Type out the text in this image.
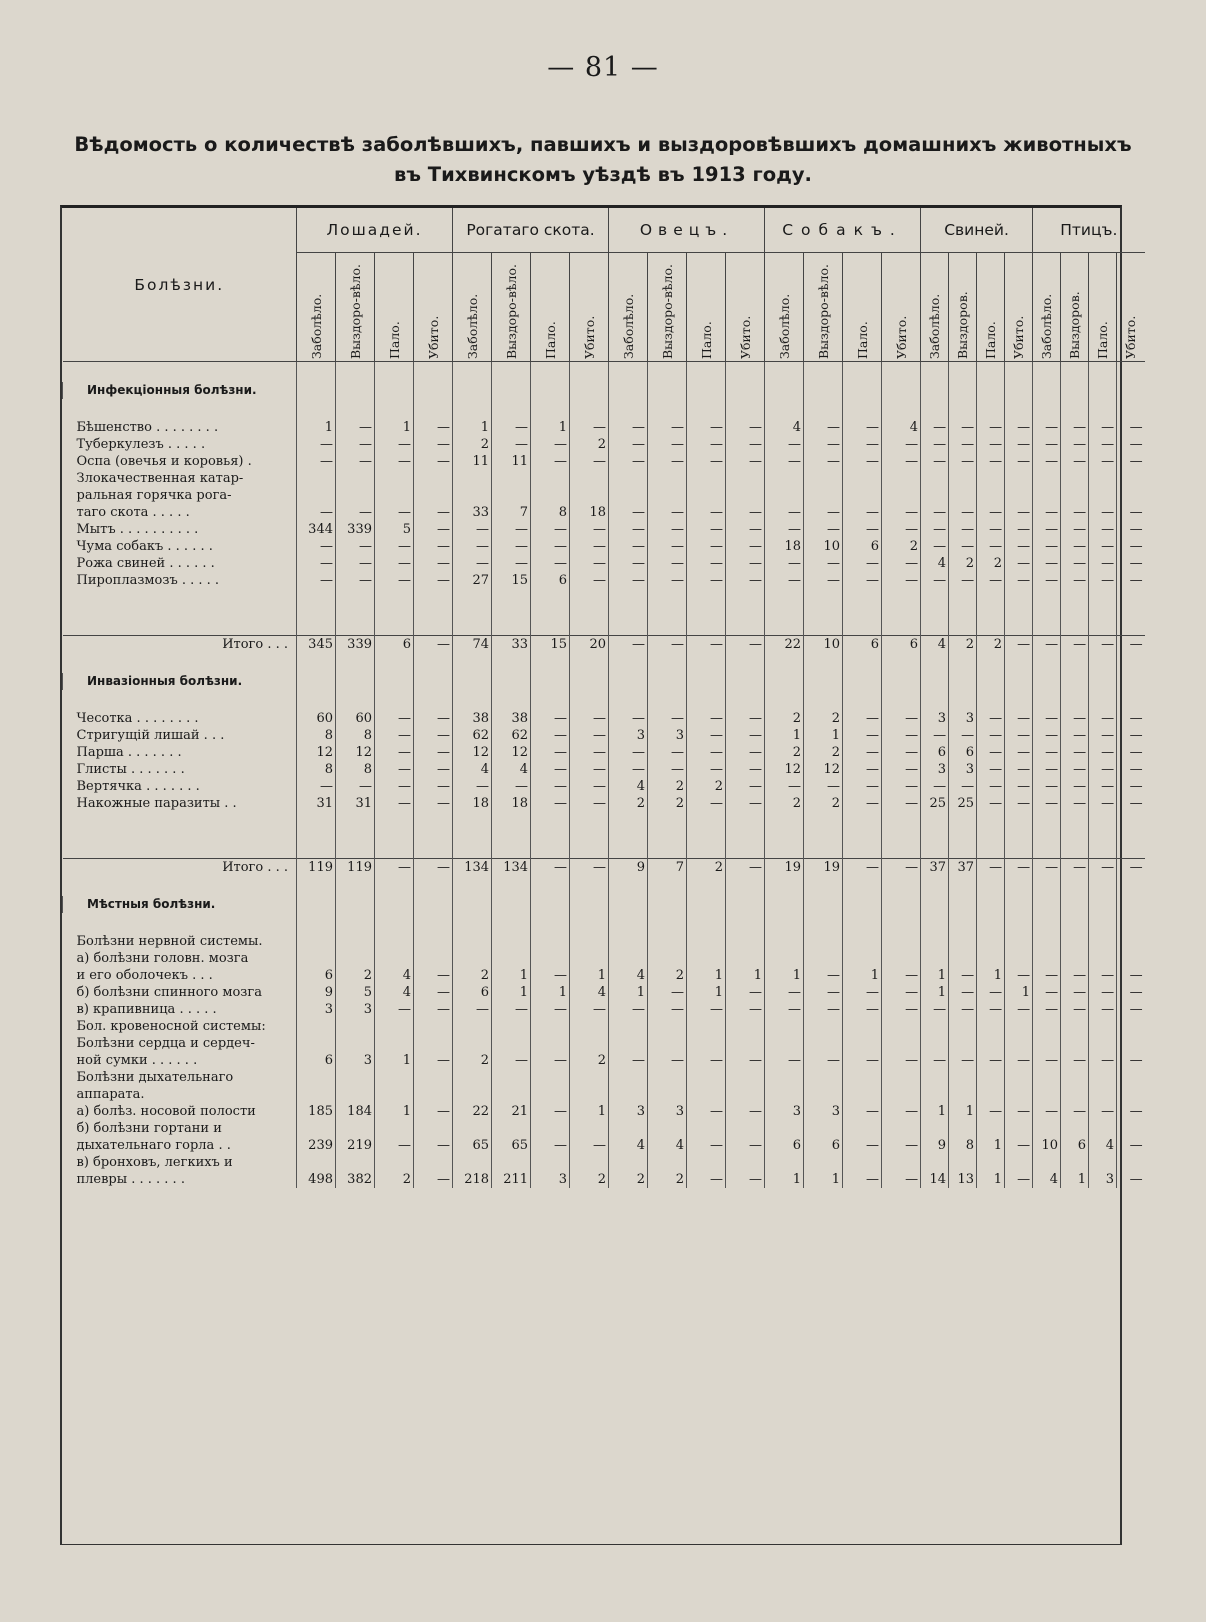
— 81 —
Вѣдомость о количествѣ заболѣвшихъ, павшихъ и выздоровѣвшихъ домашнихъ животныхъ
въ Тихвинскомъ уѣздѣ въ 1913 году.
Болѣзни.	Лошадей.				Рогатаго скота.				Овецъ.				Собакъ.				Свиней.				Птицъ.			

	Заболѣло.	Выздоро-вѣло.	Пало.	Убито.	Заболѣло.	Выздоро-вѣло.	Пало.	Убито.	Заболѣло.	Выздоро-вѣло.	Пало.	Убито.	Заболѣло.	Выздоро-вѣло.	Пало.	Убито.	Заболѣло.	Выздоров.	Пало.	Убито.	Заболѣло.	Выздоров.	Пало.	Убито.

Инфекціонныя болѣзни.																								

Бѣшенство . . . . . . . .	1	—	1	—	1	—	1	—	—	—	—	—	4	—	—	4	—	—	—	—	—	—	—	—
Туберкулезъ . . . . .	—	—	—	—	2	—	—	2	—	—	—	—	—	—	—	—	—	—	—	—	—	—	—	—
Оспа (овечья и коровья) .	—	—	—	—	11	11	—	—	—	—	—	—	—	—	—	—	—	—	—	—	—	—	—	—
Злокачественная катар-																								
ральная горячка рога-																								
таго скота . . . . .	—	—	—	—	33	7	8	18	—	—	—	—	—	—	—	—	—	—	—	—	—	—	—	—
Мытъ . . . . . . . . . .	344	339	5	—	—	—	—	—	—	—	—	—	—	—	—	—	—	—	—	—	—	—	—	—
Чума собакъ . . . . . .	—	—	—	—	—	—	—	—	—	—	—	—	18	10	6	2	—	—	—	—	—	—	—	—
Рожа свиней . . . . . .	—	—	—	—	—	—	—	—	—	—	—	—	—	—	—	—	4	2	2	—	—	—	—	—
Пироплазмозъ . . . . .	—	—	—	—	27	15	6	—	—	—	—	—	—	—	—	—	—	—	—	—	—	—	—	—

Итого . . .	345	339	6	—	74	33	15	20	—	—	—	—	22	10	6	6	4	2	2	—	—	—	—	—

Инвазіонныя болѣзни.																								

Чесотка . . . . . . . .	60	60	—	—	38	38	—	—	—	—	—	—	2	2	—	—	3	3	—	—	—	—	—	—
Стригущій лишай . . .	8	8	—	—	62	62	—	—	3	3	—	—	1	1	—	—	—	—	—	—	—	—	—	—
Парша . . . . . . .	12	12	—	—	12	12	—	—	—	—	—	—	2	2	—	—	6	6	—	—	—	—	—	—
Глисты . . . . . . .	8	8	—	—	4	4	—	—	—	—	—	—	12	12	—	—	3	3	—	—	—	—	—	—
Вертячка . . . . . . .	—	—	—	—	—	—	—	—	4	2	2	—	—	—	—	—	—	—	—	—	—	—	—	—
Накожные паразиты . .	31	31	—	—	18	18	—	—	2	2	—	—	2	2	—	—	25	25	—	—	—	—	—	—

Итого . . .	119	119	—	—	134	134	—	—	9	7	2	—	19	19	—	—	37	37	—	—	—	—	—	—

Мѣстныя болѣзни.																								

Болѣзни нервной системы.																								
а) болѣзни головн. мозга																								
и его оболочекъ . . .	6	2	4	—	2	1	—	1	4	2	1	1	1	—	1	—	1	—	1	—	—	—	—	—
б) болѣзни спинного мозга	9	5	4	—	6	1	1	4	1	—	1	—	—	—	—	—	1	—	—	1	—	—	—	—
в) крапивница . . . . .	3	3	—	—	—	—	—	—	—	—	—	—	—	—	—	—	—	—	—	—	—	—	—	—
Бол. кровеносной системы:																								
Болѣзни сердца и сердеч-																								
ной сумки . . . . . .	6	3	1	—	2	—	—	2	—	—	—	—	—	—	—	—	—	—	—	—	—	—	—	—
Болѣзни дыхательнаго																								
аппарата.																								
а) болѣз. носовой полости	185	184	1	—	22	21	—	1	3	3	—	—	3	3	—	—	1	1	—	—	—	—	—	—
б) болѣзни гортани и																								
дыхательнаго горла . .	239	219	—	—	65	65	—	—	4	4	—	—	6	6	—	—	9	8	1	—	10	6	4	—
в) бронховъ, легкихъ и																								
плевры . . . . . . .	498	382	2	—	218	211	3	2	2	2	—	—	1	1	—	—	14	13	1	—	4	1	3	—
